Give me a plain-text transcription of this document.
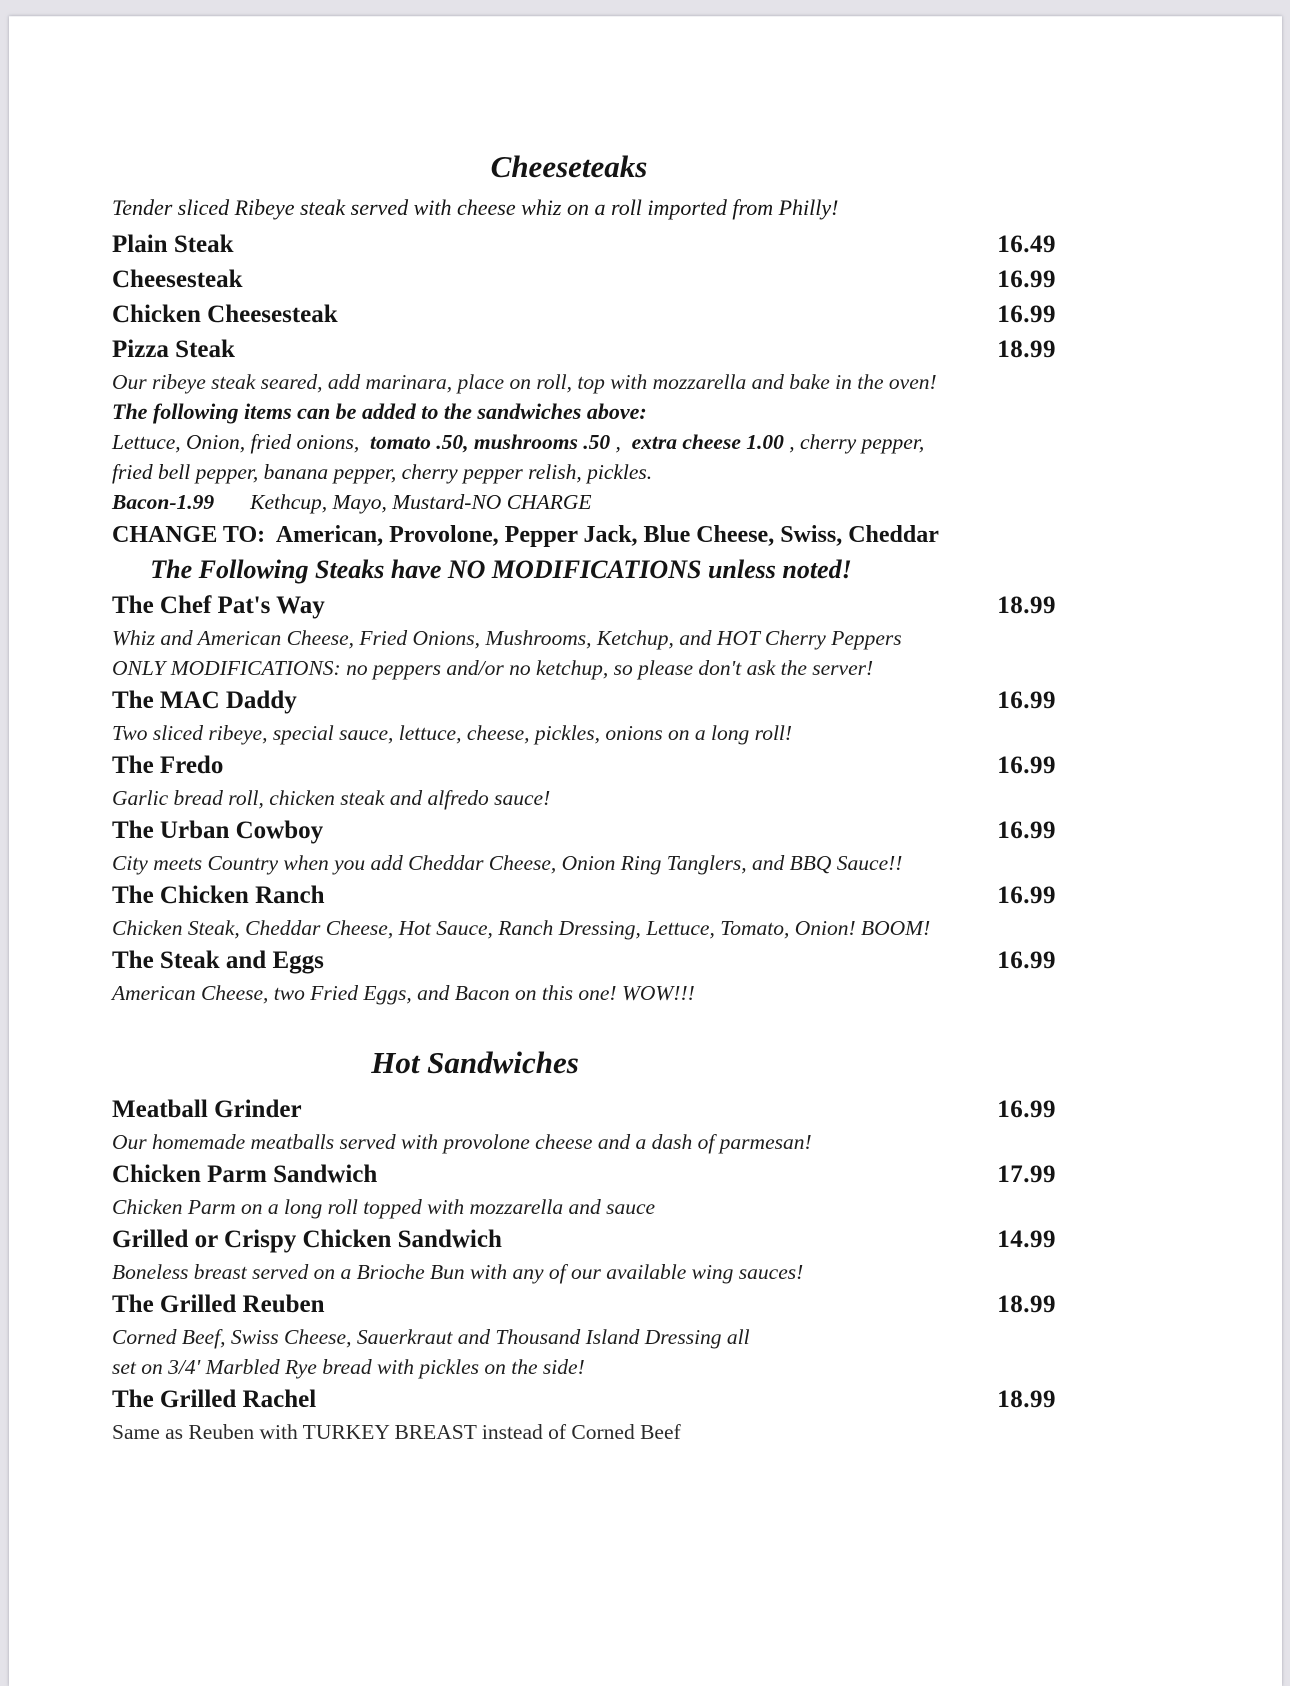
Cheeseteaks
Tender sliced Ribeye steak served with cheese whiz on a roll imported from Philly!
Plain Steak	16.49
Cheesesteak	16.99
Chicken Cheesesteak	16.99
Pizza Steak	18.99
Our ribeye steak seared, add marinara, place on roll, top with mozzarella and bake in the oven!
The following items can be added to the sandwiches above:
Lettuce, Onion, fried onions,  tomato .50, mushrooms .50 ,  extra cheese 1.00 , cherry pepper,
fried bell pepper, banana pepper, cherry pepper relish, pickles.
Bacon-1.99 Kethcup, Mayo, Mustard-NO CHARGE
CHANGE TO:  American, Provolone, Pepper Jack, Blue Cheese, Swiss, Cheddar
The Following Steaks have NO MODIFICATIONS unless noted!
The Chef Pat's Way	18.99
Whiz and American Cheese, Fried Onions, Mushrooms, Ketchup, and HOT Cherry Peppers
ONLY MODIFICATIONS: no peppers and/or no ketchup, so please don't ask the server!
The MAC Daddy	16.99
Two sliced ribeye, special sauce, lettuce, cheese, pickles, onions on a long roll!
The Fredo	16.99
Garlic bread roll, chicken steak and alfredo sauce!
The Urban Cowboy	16.99
City meets Country when you add Cheddar Cheese, Onion Ring Tanglers, and BBQ Sauce!!
The Chicken Ranch	16.99
Chicken Steak, Cheddar Cheese, Hot Sauce, Ranch Dressing, Lettuce, Tomato, Onion! BOOM!
The Steak and Eggs	16.99
American Cheese, two Fried Eggs, and Bacon on this one! WOW!!!
Hot Sandwiches
Meatball Grinder	16.99
Our homemade meatballs served with provolone cheese and a dash of parmesan!
Chicken Parm Sandwich	17.99
Chicken Parm on a long roll topped with mozzarella and sauce
Grilled or Crispy Chicken Sandwich	14.99
Boneless breast served on a Brioche Bun with any of our available wing sauces!
The Grilled Reuben	18.99
Corned Beef, Swiss Cheese, Sauerkraut and Thousand Island Dressing all
set on 3/4' Marbled Rye bread with pickles on the side!
The Grilled Rachel	18.99
Same as Reuben with TURKEY BREAST instead of Corned Beef
